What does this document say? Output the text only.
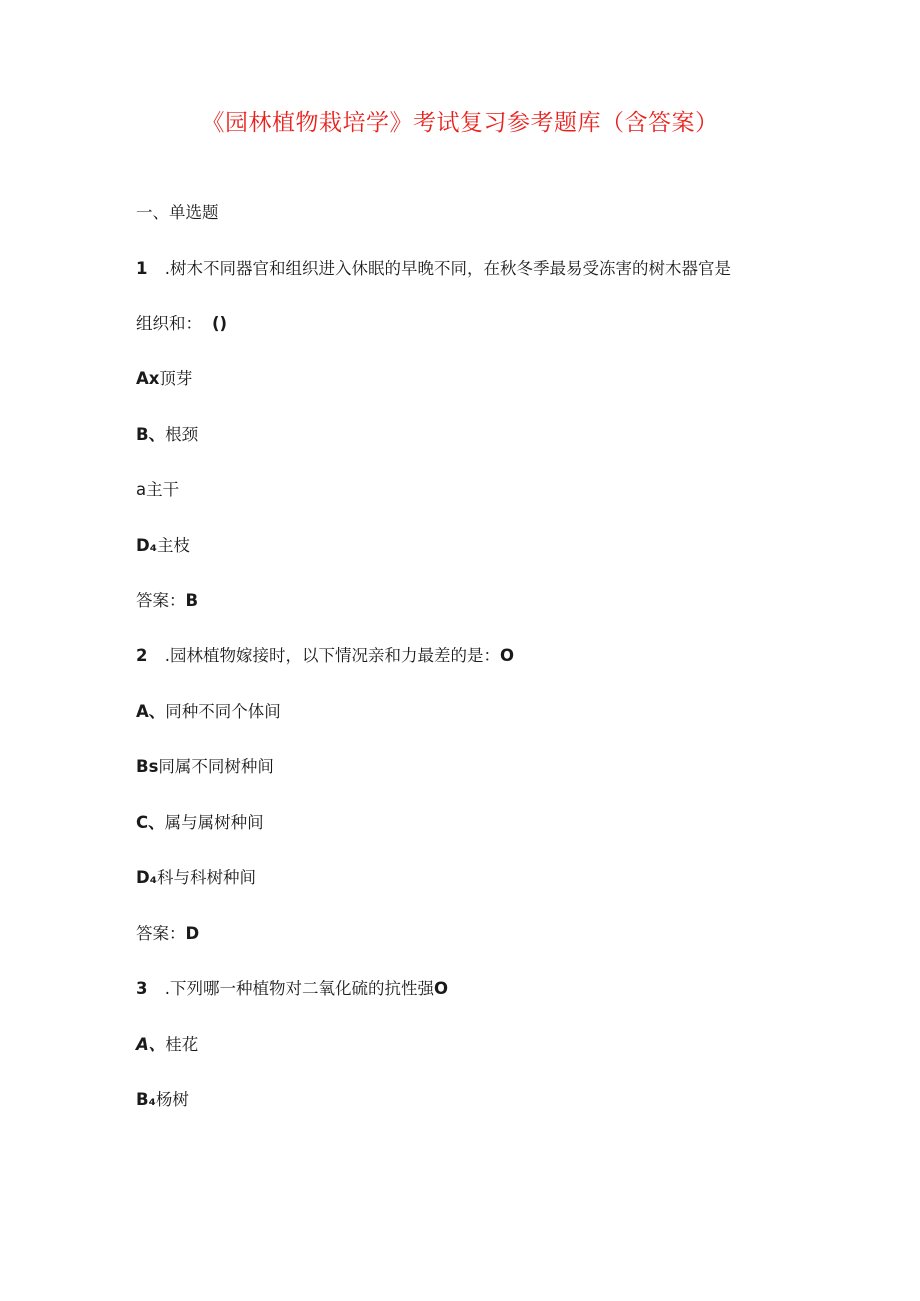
《园林植物栽培学》考试复习参考题库（含答案）
一、单选题
1 .树木不同器官和组织进入休眠的早晚不同，在秋冬季最易受冻害的树木器官是
组织和： ()
Ax顶芽
B、根颈
a主干
D₄主枝
答案：B
2 .园林植物嫁接时，以下情况亲和力最差的是：O
A、同种不同个体间
Bs同属不同树种间
C、属与属树种间
D₄科与科树种间
答案：D
3 .下列哪一种植物对二氧化硫的抗性强O
A、桂花
B₄杨树
